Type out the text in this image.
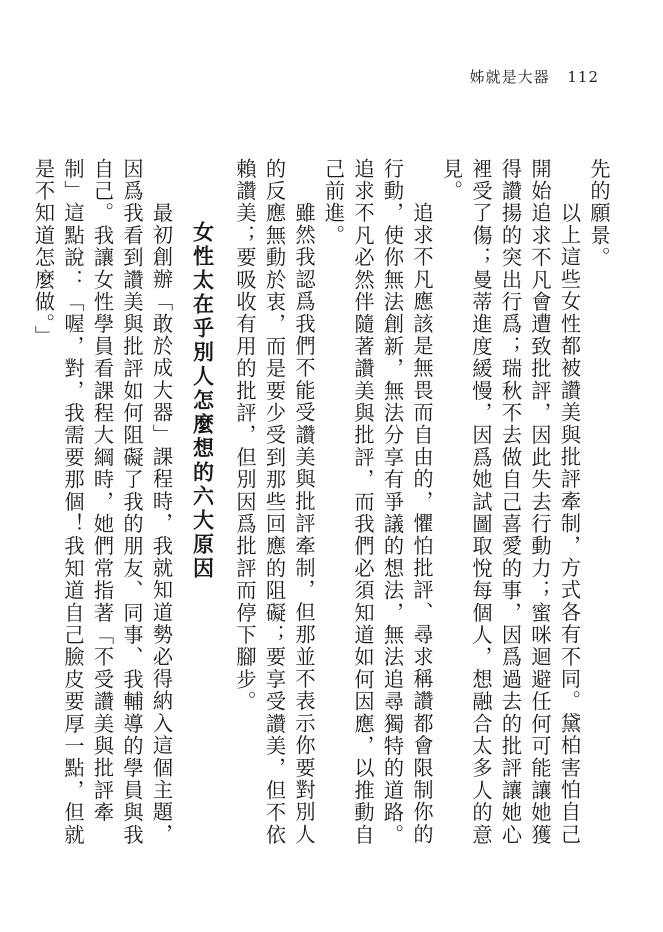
姊就是大器 112

先的願景。

以上這些女性都被讚美與批評牽制，方式各有不同。黛柏害怕自己開始追求不凡會遭致批評，因此失去行動力；蜜咪迴避任何可能讓她獲得讚揚的突出行爲；瑞秋不去做自己喜愛的事，因爲過去的批評讓她心裡受了傷；曼蒂進度緩慢，因爲她試圖取悅每個人，想融合太多人的意見。

追求不凡應該是無畏而自由的，懼怕批評、尋求稱讚都會限制你的行動，使你無法創新，無法分享有爭議的想法，無法追尋獨特的道路。追求不凡必然伴隨著讚美與批評，而我們必須知道如何因應，以推動自己前進。

雖然我認爲我們不能受讚美與批評牽制，但那並不表示你要對別人的反應無動於衷，而是要少受到那些回應的阻礙；要享受讚美，但不依賴讚美；要吸收有用的批評，但別因爲批評而停下腳步。

女性太在乎別人怎麼想的六大原因

最初創辦「敢於成大器」課程時，我就知道勢必得納入這個主題，因爲我看到讚美與批評如何阻礙了我的朋友、同事、我輔導的學員與我自己。我讓女性學員看課程大綱時，她們常指著「不受讚美與批評牽制」這點說：「喔，對，我需要那個！我知道自己臉皮要厚一點，但就是不知道怎麼做。」
